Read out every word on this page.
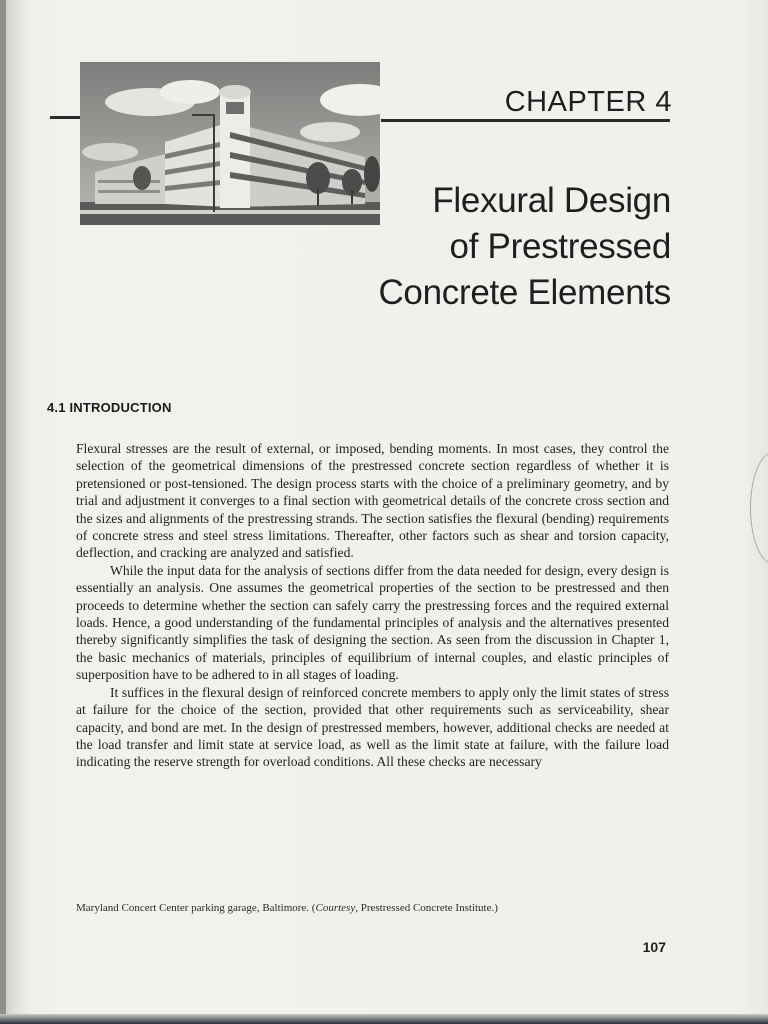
CHAPTER 4
Flexural Design
of Prestressed
Concrete Elements
4.1 INTRODUCTION

Flexural stresses are the result of external, or imposed, bending moments. In most cases, they control the selection of the geometrical dimensions of the prestressed concrete section regardless of whether it is pretensioned or post-tensioned. The design process starts with the choice of a preliminary geometry, and by trial and adjustment it converges to a final section with geometrical details of the concrete cross section and the sizes and alignments of the prestressing strands. The section satisfies the flexural (bending) requirements of concrete stress and steel stress limitations. Thereafter, other factors such as shear and torsion capacity, deflection, and cracking are analyzed and satisfied.

While the input data for the analysis of sections differ from the data needed for design, every design is essentially an analysis. One assumes the geometrical properties of the section to be prestressed and then proceeds to determine whether the section can safely carry the prestressing forces and the required external loads. Hence, a good understanding of the fundamental principles of analysis and the alternatives presented thereby significantly simplifies the task of designing the section. As seen from the discussion in Chapter 1, the basic mechanics of materials, principles of equilibrium of internal couples, and elastic principles of superposition have to be adhered to in all stages of loading.

It suffices in the flexural design of reinforced concrete members to apply only the limit states of stress at failure for the choice of the section, provided that other requirements such as serviceability, shear capacity, and bond are met. In the design of prestressed members, however, additional checks are needed at the load transfer and limit state at service load, as well as the limit state at failure, with the failure load indicating the reserve strength for overload conditions. All these checks are necessary

Maryland Concert Center parking garage, Baltimore. (Courtesy, Prestressed Concrete Institute.)

107
